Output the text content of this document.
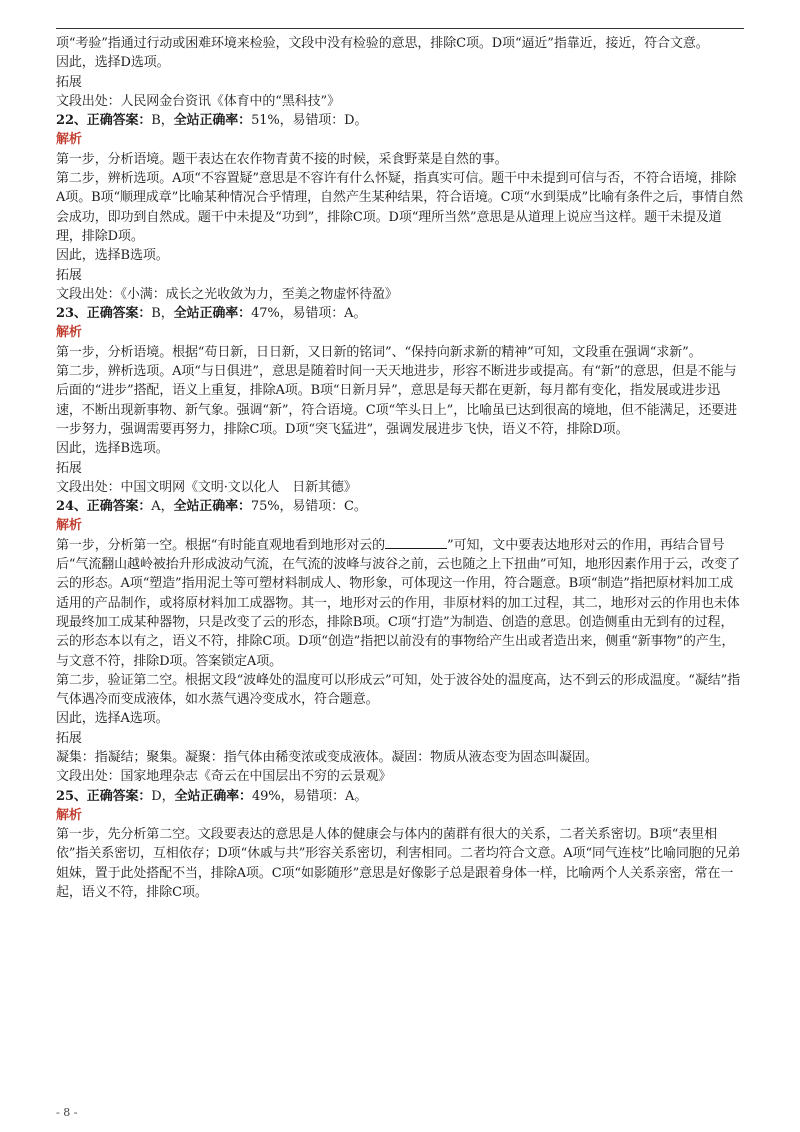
项“考验”指通过行动或困难环境来检验，文段中没有检验的意思，排除C项。D项“逼近”指靠近，接近，符合文意。

因此，选择D选项。

拓展

文段出处：人民网金台资讯《体育中的“黑科技”》

22、正确答案：B，全站正确率：51%，易错项：D。

解析

第一步，分析语境。题干表达在农作物青黄不接的时候，采食野菜是自然的事。

第二步，辨析选项。A项“不容置疑”意思是不容许有什么怀疑，指真实可信。题干中未提到可信与否，不符合语境，排除A项。B项“顺理成章”比喻某种情况合乎情理，自然产生某种结果，符合语境。C项“水到渠成”比喻有条件之后，事情自然会成功，即功到自然成。题干中未提及“功到”，排除C项。D项“理所当然”意思是从道理上说应当这样。题干未提及道理，排除D项。

因此，选择B选项。

拓展

文段出处：《小满：成长之光收敛为力，至美之物虚怀待盈》

23、正确答案：B，全站正确率：47%，易错项：A。

解析

第一步，分析语境。根据“苟日新，日日新，又日新的铭词”、“保持向新求新的精神”可知，文段重在强调“求新”。

第二步，辨析选项。A项“与日俱进”，意思是随着时间一天天地进步，形容不断进步或提高。有“新”的意思，但是不能与后面的“进步”搭配，语义上重复，排除A项。B项“日新月异”，意思是每天都在更新，每月都有变化，指发展或进步迅速，不断出现新事物、新气象。强调“新”，符合语境。C项“竿头日上”，比喻虽已达到很高的境地，但不能满足，还要进一步努力，强调需要再努力，排除C项。D项“突飞猛进”，强调发展进步飞快，语义不符，排除D项。

因此，选择B选项。

拓展

文段出处：中国文明网《文明·文以化人　日新其德》

24、正确答案：A，全站正确率：75%，易错项：C。

解析

第一步，分析第一空。根据“有时能直观地看到地形对云的	”可知，文中要表达地形对云的作用，再结合冒号后“气流翻山越岭被抬升形成波动气流，在气流的波峰与波谷之前，云也随之上下扭曲”可知，地形因素作用于云，改变了云的形态。A项“塑造”指用泥土等可塑材料制成人、物形象，可体现这一作用，符合题意。B项“制造”指把原材料加工成适用的产品制作，或将原材料加工成器物。其一，地形对云的作用，非原材料的加工过程，其二，地形对云的作用也未体现最终加工成某种器物，只是改变了云的形态，排除B项。C项“打造”为制造、创造的意思。创造侧重由无到有的过程，云的形态本以有之，语义不符，排除C项。D项“创造”指把以前没有的事物给产生出或者造出来，侧重“新事物”的产生，与文意不符，排除D项。答案锁定A项。

第二步，验证第二空。根据文段“波峰处的温度可以形成云”可知，处于波谷处的温度高，达不到云的形成温度。“凝结”指气体遇冷而变成液体，如水蒸气遇冷变成水，符合题意。

因此，选择A选项。

拓展

凝集：指凝结；聚集。凝聚：指气体由稀变浓或变成液体。凝固：物质从液态变为固态叫凝固。

文段出处：国家地理杂志《奇云在中国层出不穷的云景观》

25、正确答案：D，全站正确率：49%，易错项：A。

解析

第一步，先分析第二空。文段要表达的意思是人体的健康会与体内的菌群有很大的关系，二者关系密切。B项“表里相依”指关系密切，互相依存；D项“休戚与共”形容关系密切，利害相同。二者均符合文意。A项“同气连枝”比喻同胞的兄弟姐妹，置于此处搭配不当，排除A项。C项“如影随形”意思是好像影子总是跟着身体一样，比喻两个人关系亲密，常在一起，语义不符，排除C项。

- 8 -
